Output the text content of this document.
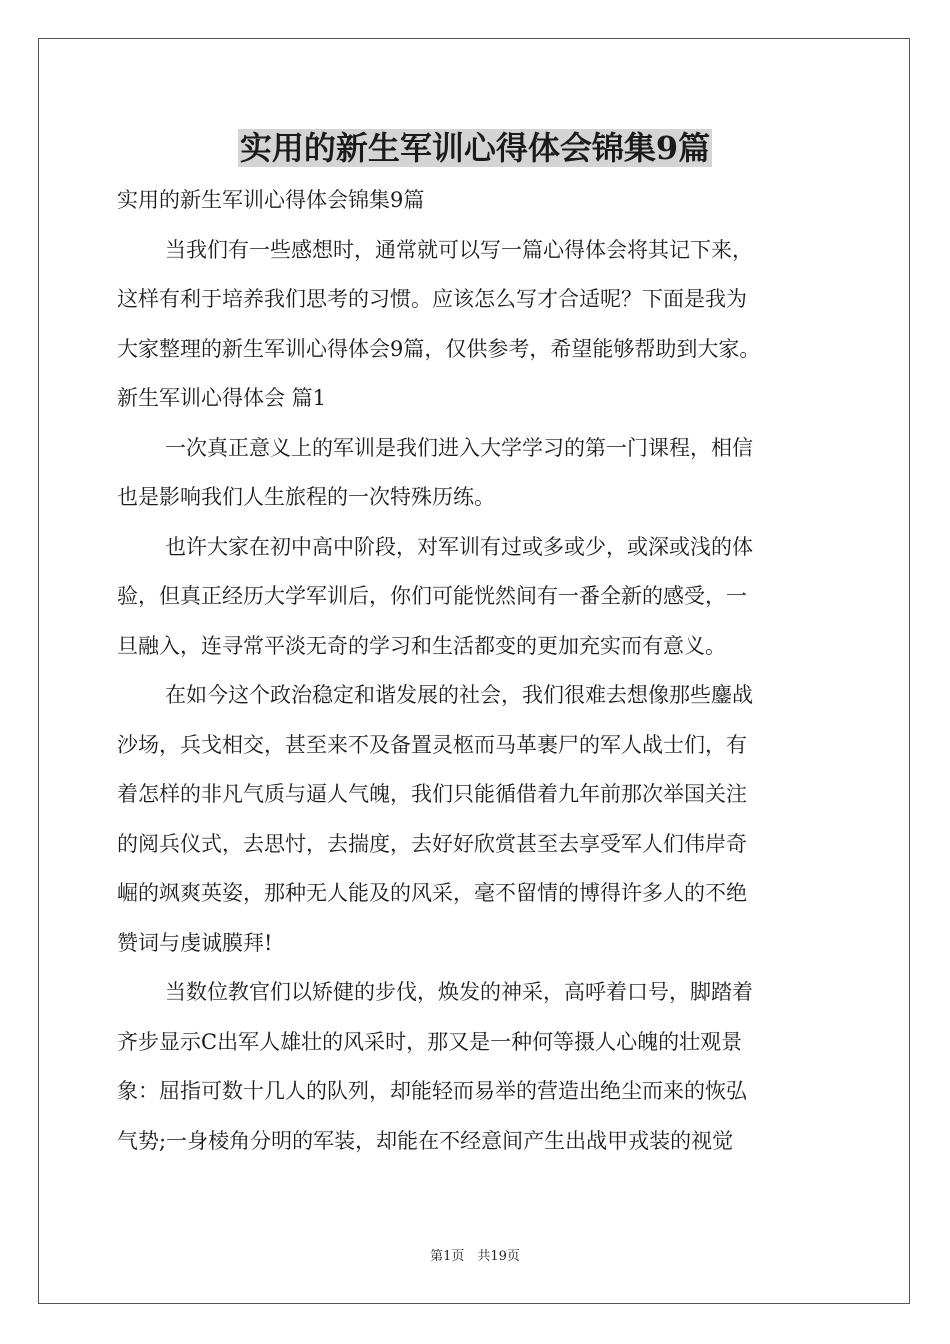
实用的新生军训心得体会锦集9篇

实用的新生军训心得体会锦集9篇

当我们有一些感想时，通常就可以写一篇心得体会将其记下来，

这样有利于培养我们思考的习惯。应该怎么写才合适呢？下面是我为

大家整理的新生军训心得体会9篇，仅供参考，希望能够帮助到大家。

新生军训心得体会 篇1

一次真正意义上的军训是我们进入大学学习的第一门课程，相信

也是影响我们人生旅程的一次特殊历练。

也许大家在初中高中阶段，对军训有过或多或少，或深或浅的体

验，但真正经历大学军训后，你们可能恍然间有一番全新的感受，一

旦融入，连寻常平淡无奇的学习和生活都变的更加充实而有意义。

在如今这个政治稳定和谐发展的社会，我们很难去想像那些鏖战

沙场，兵戈相交，甚至来不及备置灵柩而马革裹尸的军人战士们，有

着怎样的非凡气质与逼人气魄，我们只能循借着九年前那次举国关注

的阅兵仪式，去思忖，去揣度，去好好欣赏甚至去享受军人们伟岸奇

崛的飒爽英姿，那种无人能及的风采，毫不留情的博得许多人的不绝

赞词与虔诚膜拜!

当数位教官们以矫健的步伐，焕发的神采，高呼着口号，脚踏着

齐步显示C出军人雄壮的风采时，那又是一种何等摄人心魄的壮观景

象：屈指可数十几人的队列，却能轻而易举的营造出绝尘而来的恢弘

气势;一身棱角分明的军装，却能在不经意间产生出战甲戎装的视觉

第1页　共19页
